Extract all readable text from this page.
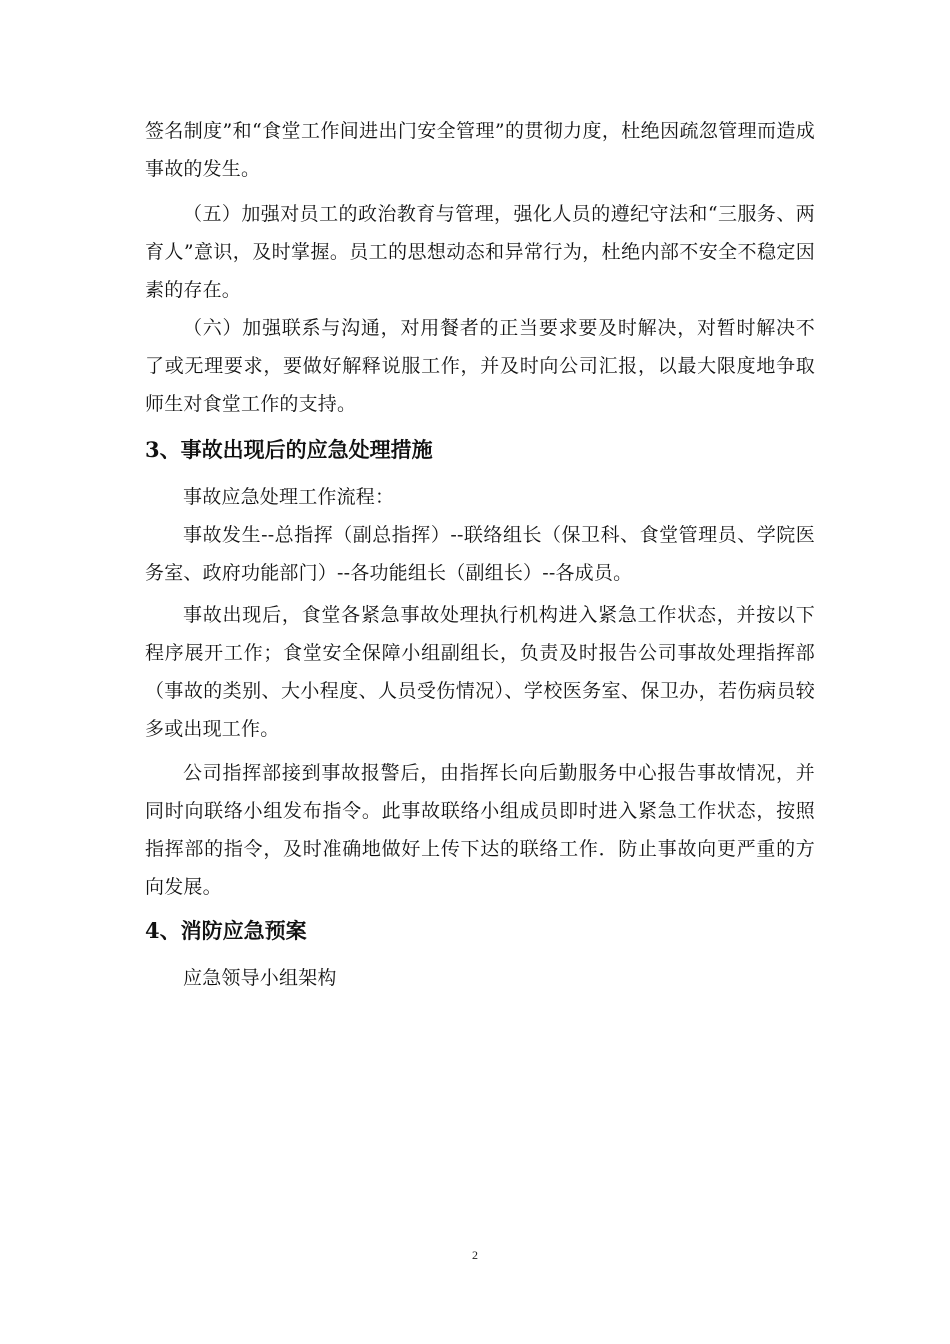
签名制度”和“食堂工作间进出门安全管理”的贯彻力度，杜绝因疏忽管理而造成事故的发生。

（五）加强对员工的政治教育与管理，强化人员的遵纪守法和“三服务、两育人”意识，及时掌握。员工的思想动态和异常行为，杜绝内部不安全不稳定因素的存在。

（六）加强联系与沟通，对用餐者的正当要求要及时解决，对暂时解决不了或无理要求，要做好解释说服工作，并及时向公司汇报，以最大限度地争取师生对食堂工作的支持。

3、事故出现后的应急处理措施

事故应急处理工作流程：

事故发生--总指挥（副总指挥）--联络组长（保卫科、食堂管理员、学院医务室、政府功能部门）--各功能组长（副组长）--各成员。

事故出现后，食堂各紧急事故处理执行机构进入紧急工作状态，并按以下程序展开工作；食堂安全保障小组副组长，负责及时报告公司事故处理指挥部（事故的类别、大小程度、人员受伤情况）、学校医务室、保卫办，若伤病员较多或出现工作。

公司指挥部接到事故报警后，由指挥长向后勤服务中心报告事故情况，并同时向联络小组发布指令。此事故联络小组成员即时进入紧急工作状态，按照指挥部的指令，及时准确地做好上传下达的联络工作．防止事故向更严重的方向发展。

4、消防应急预案

应急领导小组架构

2
